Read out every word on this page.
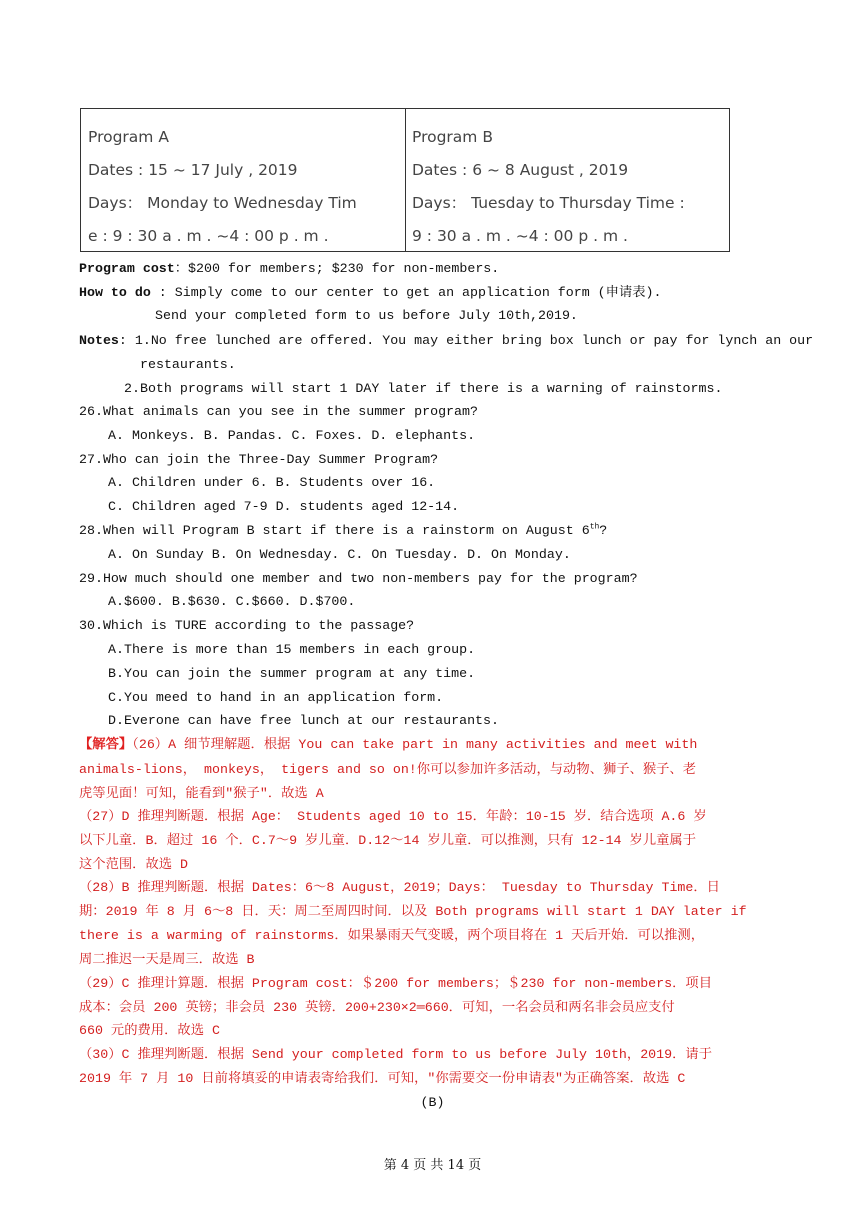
Program A
Dates : 15 ~ 17 July , 2019
Days： Monday to Wednesday Tim
e : 9 : 30 a . m . ~4 : 00 p . m .
Program B
Dates : 6 ~ 8 August , 2019
Days： Tuesday to Thursday Time :
9 : 30 a . m . ~4 : 00 p . m .
Program cost：$200 for members; $230 for non-members.
How to do : Simply come to our center to get an application form (申请表).
Send your completed form to us before July 10th,2019.
Notes: 1.No free lunched are offered. You may either bring box lunch or pay for lynch an our
restaurants.
2.Both programs will start 1 DAY later if there is a warning of rainstorms.
26.What animals can you see in the summer program?
A. Monkeys. B. Pandas. C. Foxes. D. elephants.
27.Who can join the Three-Day Summer Program?
A. Children under 6. B. Students over 16.
C. Children aged 7-9 D. students aged 12-14.
28.When will Program B start if there is a rainstorm on August 6th?
A. On Sunday B. On Wednesday. C. On Tuesday. D. On Monday.
29.How much should one member and two non-members pay for the program?
A.$600. B.$630. C.$660. D.$700.
30.Which is TURE according to the passage?
A.There is more than 15 members in each group.
B.You can join the summer program at any time.
C.You meed to hand in an application form.
D.Everone can have free lunch at our restaurants.
【解答】（26）A 细节理解题．根据 You can take part in many activities and meet with
animals-lions， monkeys， tigers and so on!你可以参加许多活动，与动物、狮子、猴子、老
虎等见面！可知，能看到"猴子"．故选 A
（27）D 推理判断题．根据 Age： Students aged 10 to 15．年龄：10-15 岁．结合选项 A.6 岁
以下儿童．B．超过 16 个．C.7～9 岁儿童．D.12～14 岁儿童．可以推测，只有 12-14 岁儿童属于
这个范围．故选 D
（28）B 推理判断题．根据 Dates：6～8 August，2019；Days： Tuesday to Thursday Time．日
期：2019 年 8 月 6～8 日．天：周二至周四时间．以及 Both programs will start 1 DAY later if
there is a warming of rainstorms．如果暴雨天气变暖，两个项目将在 1 天后开始．可以推测，
周二推迟一天是周三．故选 B
（29）C 推理计算题．根据 Program cost：＄200 for members；＄230 for non-members．项目
成本：会员 200 英镑；非会员 230 英镑．200+230×2═660．可知，一名会员和两名非会员应支付
660 元的费用．故选 C
（30）C 推理判断题．根据 Send your completed form to us before July 10th，2019．请于
2019 年 7 月 10 日前将填妥的申请表寄给我们．可知，"你需要交一份申请表"为正确答案．故选 C
(B)
第 4 页 共 14 页
